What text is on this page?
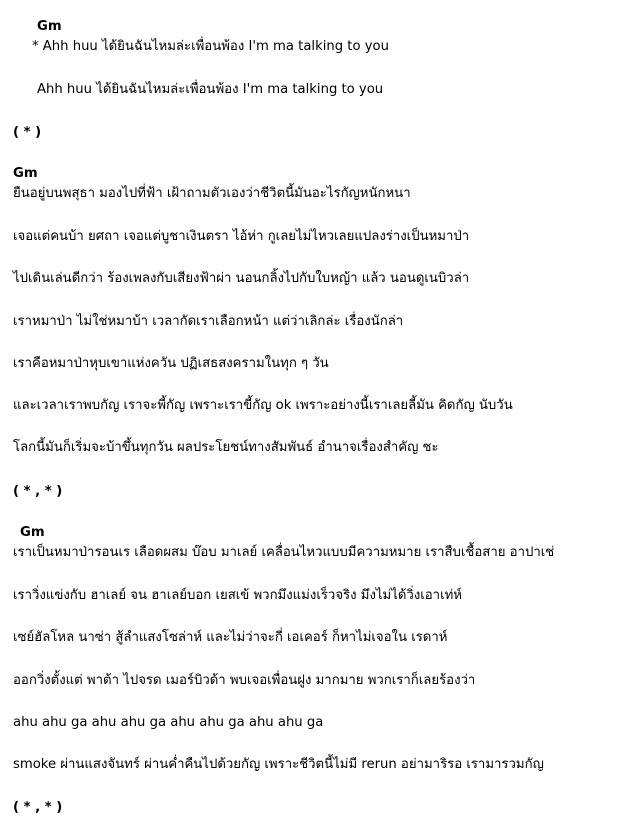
Gm
* Ahh huu ได้ยินฉันไหมล่ะเพื่อนพ้อง I'm ma talking to you
Ahh huu ได้ยินฉันไหมล่ะเพื่อนพ้อง I'm ma talking to you
( * )
Gm
ยืนอยู่บนพสุธา มองไปที่ฟ้า เฝ้าถามตัวเองว่าชีวิตนี้มันอะไรกัญหนักหนา
เจอแต่คนบ้า ยศถา เจอแต่บูชาเงินตรา ไอ้ห่า กูเลยไม่ไหวเลยแปลงร่างเป็นหมาป่า
ไปเดินเล่นดีกว่า ร้องเพลงกับเสียงฟ้าผ่า นอนกลิ้งไปกับใบหญ้า แล้ว นอนดูเนบิวล่า
เราหมาป่า ไม่ใช่หมาบ้า เวลากัดเราเลือกหน้า แต่ว่าเลิกล่ะ เรื่องนักล่า
เราคือหมาป่าหุบเขาแห่งควัน ปฏิเสธสงครามในทุก ๆ วัน
และเวลาเราพบกัญ เราจะพี้กัญ เพราะเราขี้กัญ ok เพราะอย่างนี้เราเลยลี้มัน คิดกัญ นับวัน
โลกนี้มันก็เริ่มจะบ้าขึ้นทุกวัน ผลประโยชน์ทางสัมพันธ์ อำนาจเรื่องสำคัญ ชะ
( * , * )
Gm
เราเป็นหมาป่ารอนเร เลือดผสม บ๊อบ มาเลย์ เคลื่อนไหวแบบมีความหมาย เราสืบเชื้อสาย อาปาเช่
เราวิ่งแข่งกับ ฮาเลย์ จน ฮาเลย์บอก เยสเข้ พวกมึงแม่งเร็วจริง มึงไม่ได้วิ่งเอาเท่ห์
เซย์ฮัลโหล นาซ่า สู้ลำแสงโซล่าห์ และไม่ว่าจะกี่ เอเคอร์ ก็หาไม่เจอใน เรดาห์
ออกวิ่งตั้งแต่ พาต้า ไปจรด เมอร์บิวด้า พบเจอเพื่อนฝูง มากมาย พวกเราก็เลยร้องว่า
ahu ahu ga ahu ahu ga ahu ahu ga ahu ahu ga
smoke ผ่านแสงจันทร์ ผ่านค่ำคืนไปด้วยกัญ เพราะชีวิตนี้ไม่มี rerun อย่ามาริรอ เรามารวมกัญ
( * , * )
